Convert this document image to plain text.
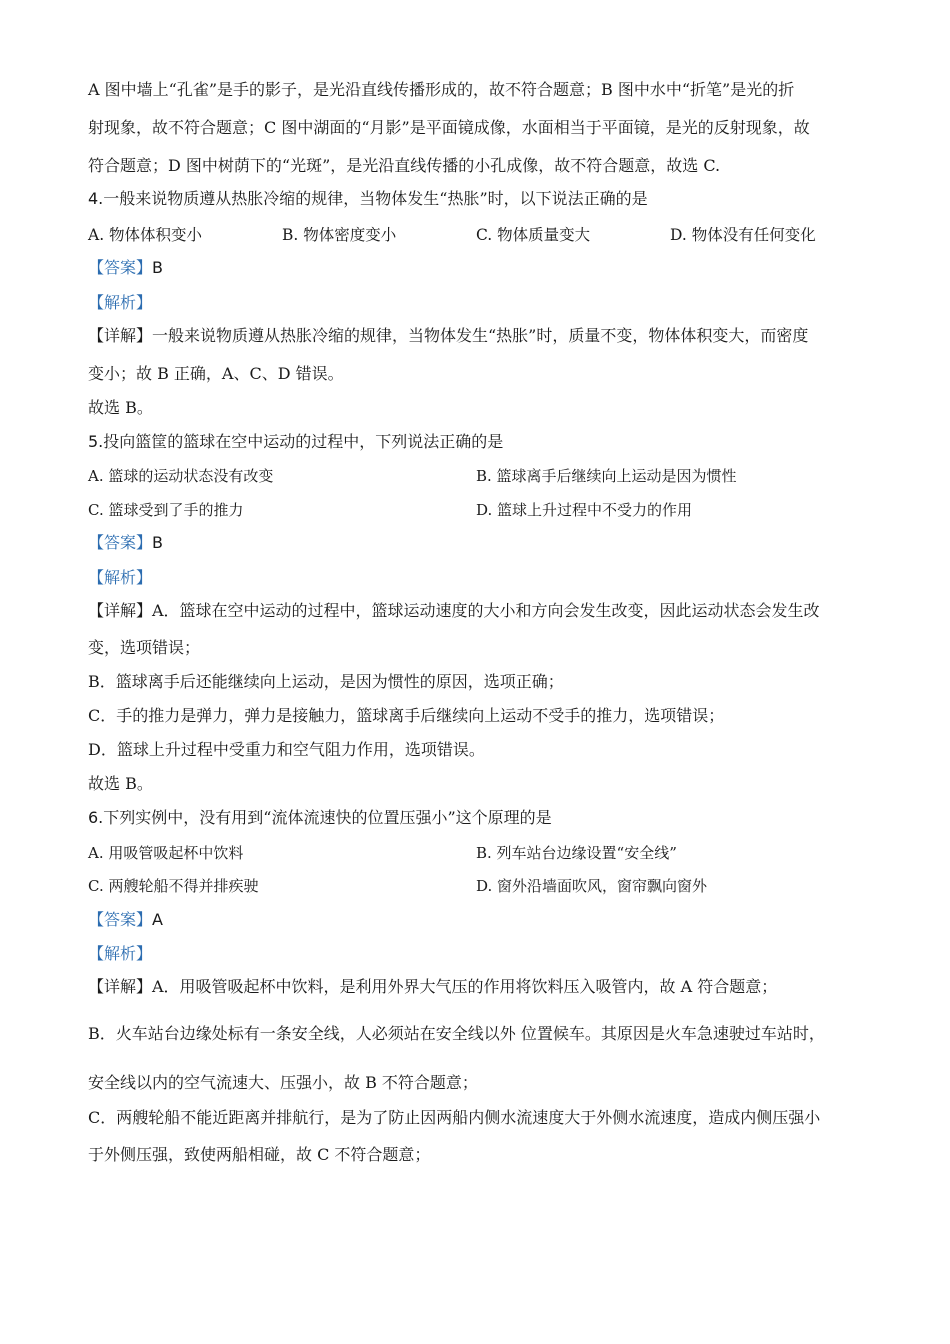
A 图中墙上“孔雀”是手的影子，是光沿直线传播形成的，故不符合题意；B 图中水中“折笔”是光的折
射现象，故不符合题意；C 图中湖面的“月影”是平面镜成像，水面相当于平面镜，是光的反射现象，故
符合题意；D 图中树荫下的“光斑”，是光沿直线传播的小孔成像，故不符合题意，故选 C.
4.一般来说物质遵从热胀冷缩的规律，当物体发生“热胀”时，以下说法正确的是
A. 物体体积变小	B. 物体密度变小	C. 物体质量变大	D. 物体没有任何变化
【答案】B
【解析】
【详解】一般来说物质遵从热胀冷缩的规律，当物体发生“热胀”时，质量不变，物体体积变大，而密度
变小；故 B 正确，A、C、D 错误。
故选 B。
5.投向篮筐的篮球在空中运动的过程中，下列说法正确的是
A. 篮球的运动状态没有改变	B. 篮球离手后继续向上运动是因为惯性
C. 篮球受到了手的推力	D. 篮球上升过程中不受力的作用
【答案】B
【解析】
【详解】A．篮球在空中运动的过程中，篮球运动速度的大小和方向会发生改变，因此运动状态会发生改
变，选项错误；
B．篮球离手后还能继续向上运动，是因为惯性的原因，选项正确；
C．手的推力是弹力，弹力是接触力，篮球离手后继续向上运动不受手的推力，选项错误；
D．篮球上升过程中受重力和空气阻力作用，选项错误。
故选 B。
6.下列实例中，没有用到“流体流速快的位置压强小”这个原理的是
A. 用吸管吸起杯中饮料	B. 列车站台边缘设置“安全线”
C. 两艘轮船不得并排疾驶	D. 窗外沿墙面吹风，窗帘飘向窗外
【答案】A
【解析】
【详解】A．用吸管吸起杯中饮料，是利用外界大气压的作用将饮料压入吸管内，故 A 符合题意；
B．火车站台边缘处标有一条安全线，人必须站在安全线以外 位置候车。其原因是火车急速驶过车站时，
安全线以内的空气流速大、压强小，故 B 不符合题意；
C．两艘轮船不能近距离并排航行，是为了防止因两船内侧水流速度大于外侧水流速度，造成内侧压强小
于外侧压强，致使两船相碰，故 C 不符合题意；
